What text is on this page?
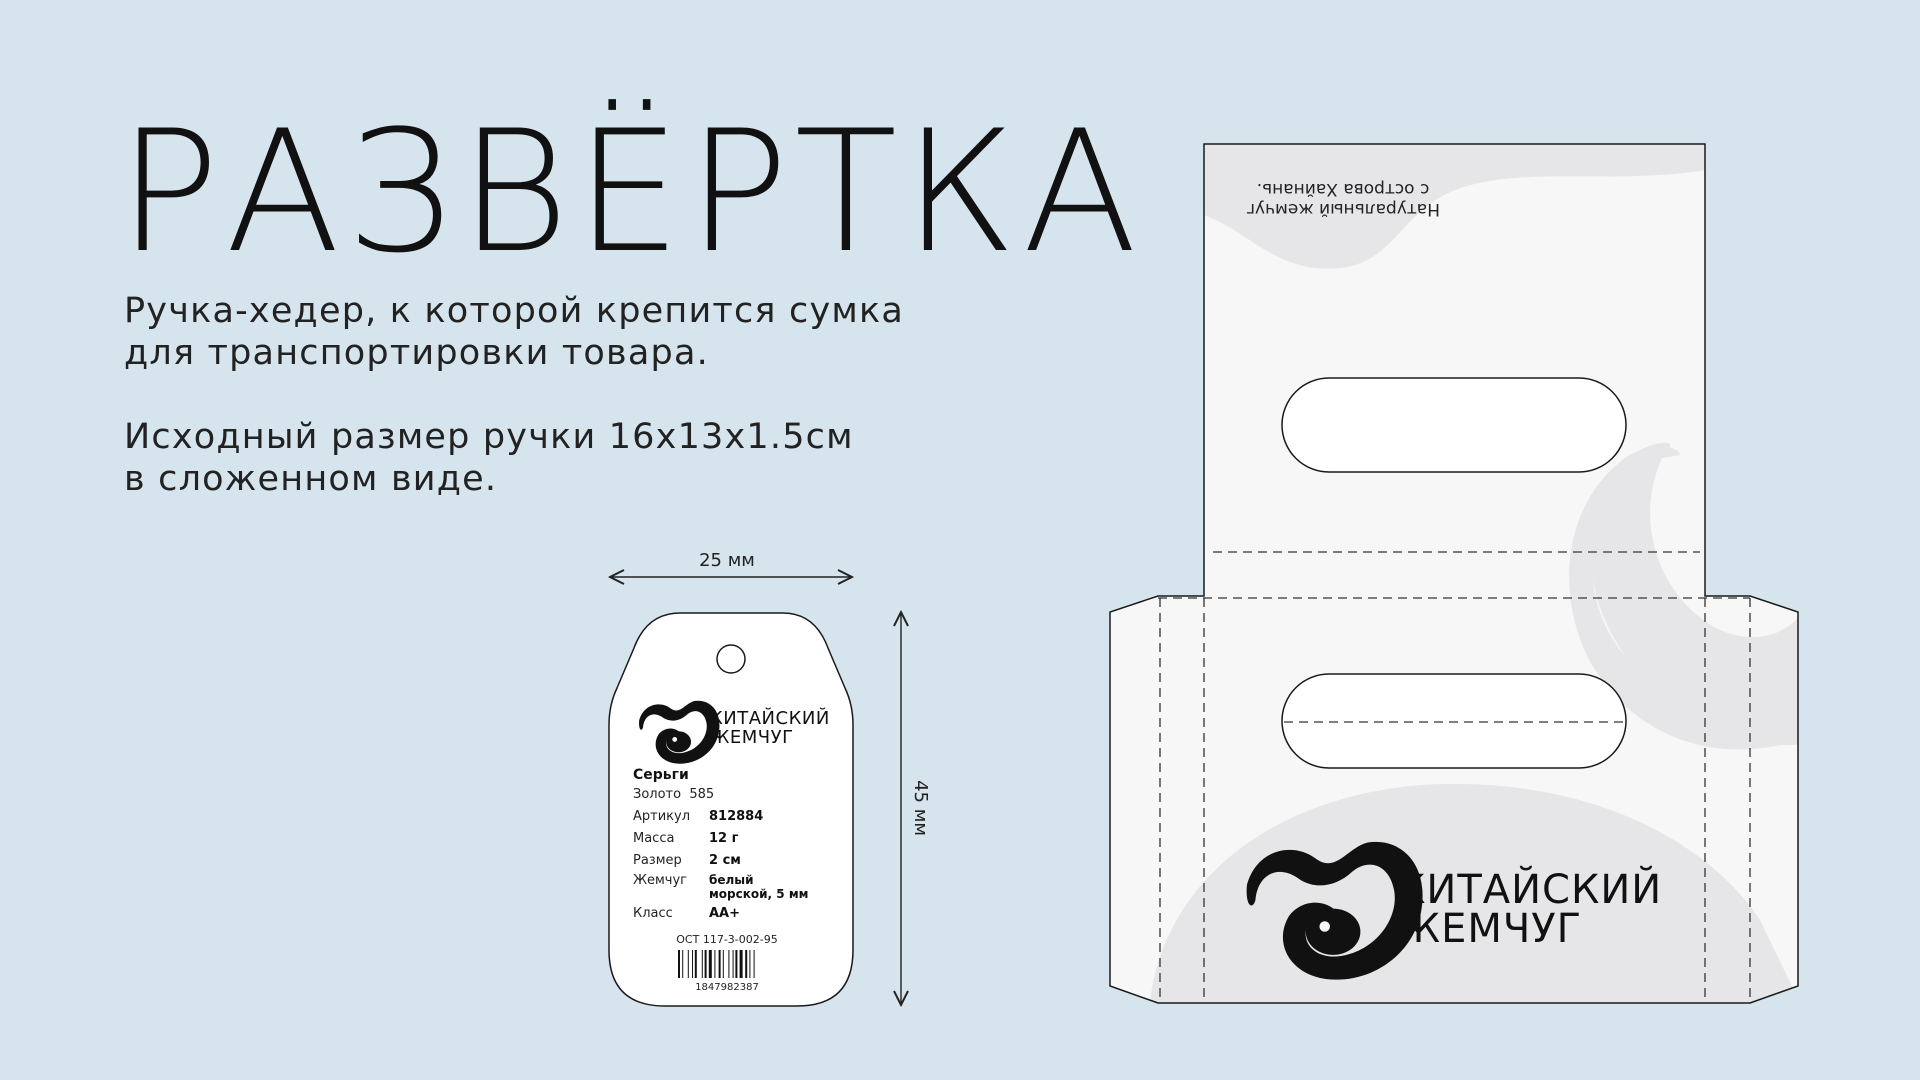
РАЗВЁРТКА

Ручка-хедер, к которой крепится сумка

для транспортировки товара.

Исходный размер ручки 16x13x1.5см

в сложенном виде.

25 мм
45 мм
КИТАЙСКИЙ
ЖЕМЧУГ
Серьги
Золото  585
Артикул 812884
Масса	12 г
Размер 2 см
Жемчуг белый
морской, 5 мм
Класс	AA+
ОСТ 117-3-002-95
1847982387
Натуральный жемчуг
с острова Хайнань.
КИТАЙСКИЙ
ЖЕМЧУГ
